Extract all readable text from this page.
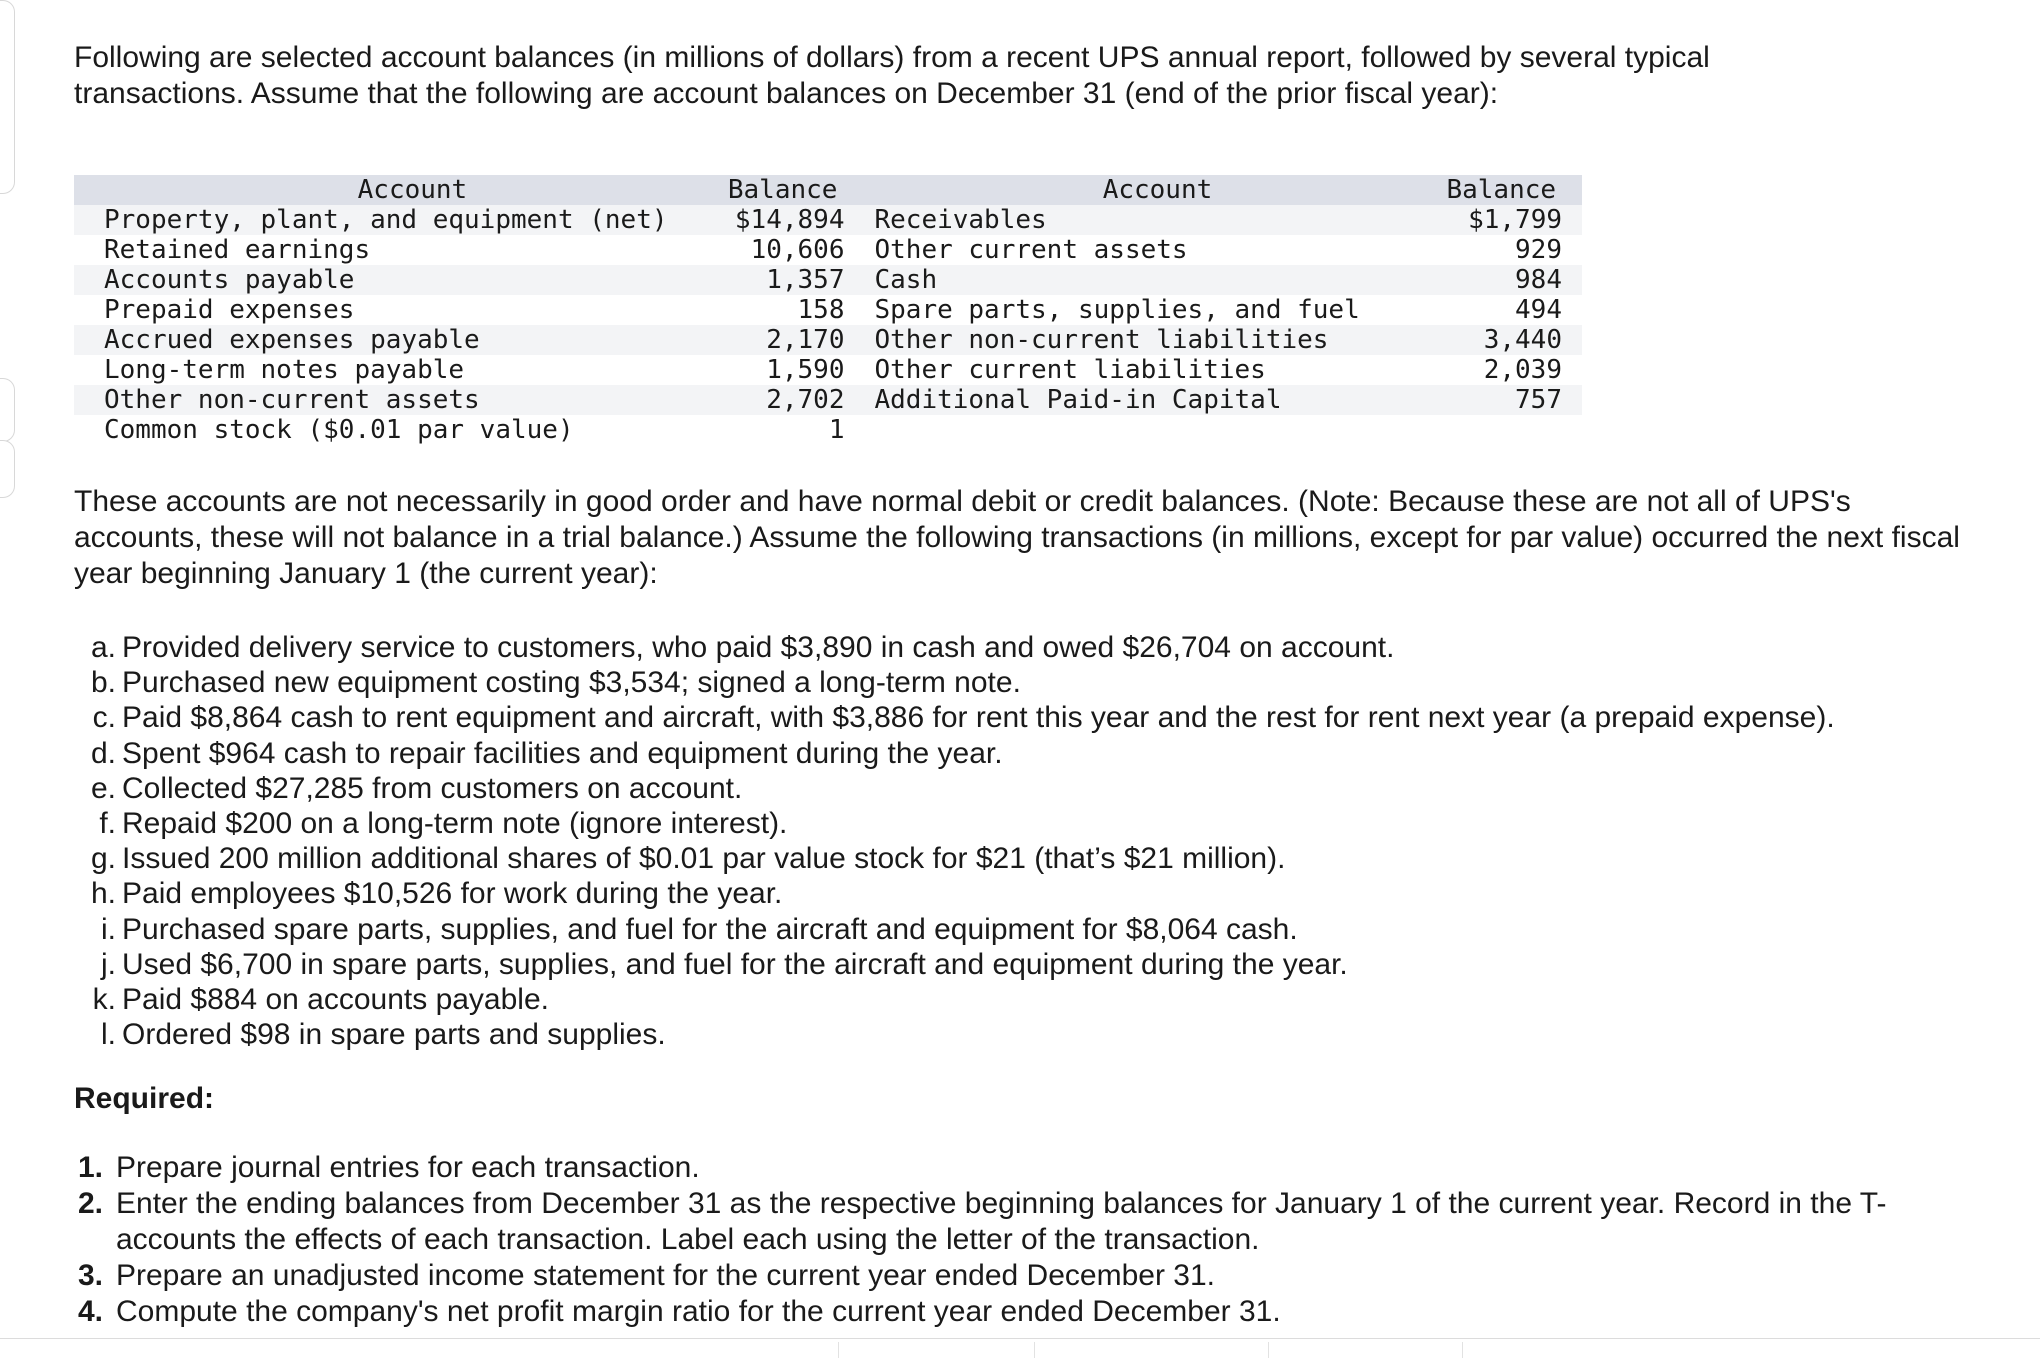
Following are selected account balances (in millions of dollars) from a recent UPS annual report, followed by several typical
transactions. Assume that the following are account balances on December 31 (end of the prior fiscal year):

Account	Balance	Account	Balance
Property, plant, and equipment (net)	$14,894	Receivables	$1,799
Retained earnings	10,606	Other current assets	929
Accounts payable	1,357	Cash	984
Prepaid expenses	158	Spare parts, supplies, and fuel	494
Accrued expenses payable	2,170	Other non-current liabilities	3,440
Long-term notes payable	1,590	Other current liabilities	2,039
Other non-current assets	2,702	Additional Paid-in Capital	757
Common stock ($0.01 par value)	1		

These accounts are not necessarily in good order and have normal debit or credit balances. (Note: Because these are not all of UPS's accounts, these will not balance in a trial balance.) Assume the following transactions (in millions, except for par value) occurred the next fiscal year beginning January 1 (the current year):

a. Provided delivery service to customers, who paid $3,890 in cash and owed $26,704 on account.
b. Purchased new equipment costing $3,534; signed a long-term note.
c. Paid $8,864 cash to rent equipment and aircraft, with $3,886 for rent this year and the rest for rent next year (a prepaid expense).
d. Spent $964 cash to repair facilities and equipment during the year.
e. Collected $27,285 from customers on account.
f. Repaid $200 on a long-term note (ignore interest).
g. Issued 200 million additional shares of $0.01 par value stock for $21 (that’s $21 million).
h. Paid employees $10,526 for work during the year.
i. Purchased spare parts, supplies, and fuel for the aircraft and equipment for $8,064 cash.
j. Used $6,700 in spare parts, supplies, and fuel for the aircraft and equipment during the year.
k. Paid $884 on accounts payable.
l. Ordered $98 in spare parts and supplies.

Required:

1. Prepare journal entries for each transaction.
2. Enter the ending balances from December 31 as the respective beginning balances for January 1 of the current year. Record in the T-accounts the effects of each transaction. Label each using the letter of the transaction.
3. Prepare an unadjusted income statement for the current year ended December 31.
4. Compute the company's net profit margin ratio for the current year ended December 31.
